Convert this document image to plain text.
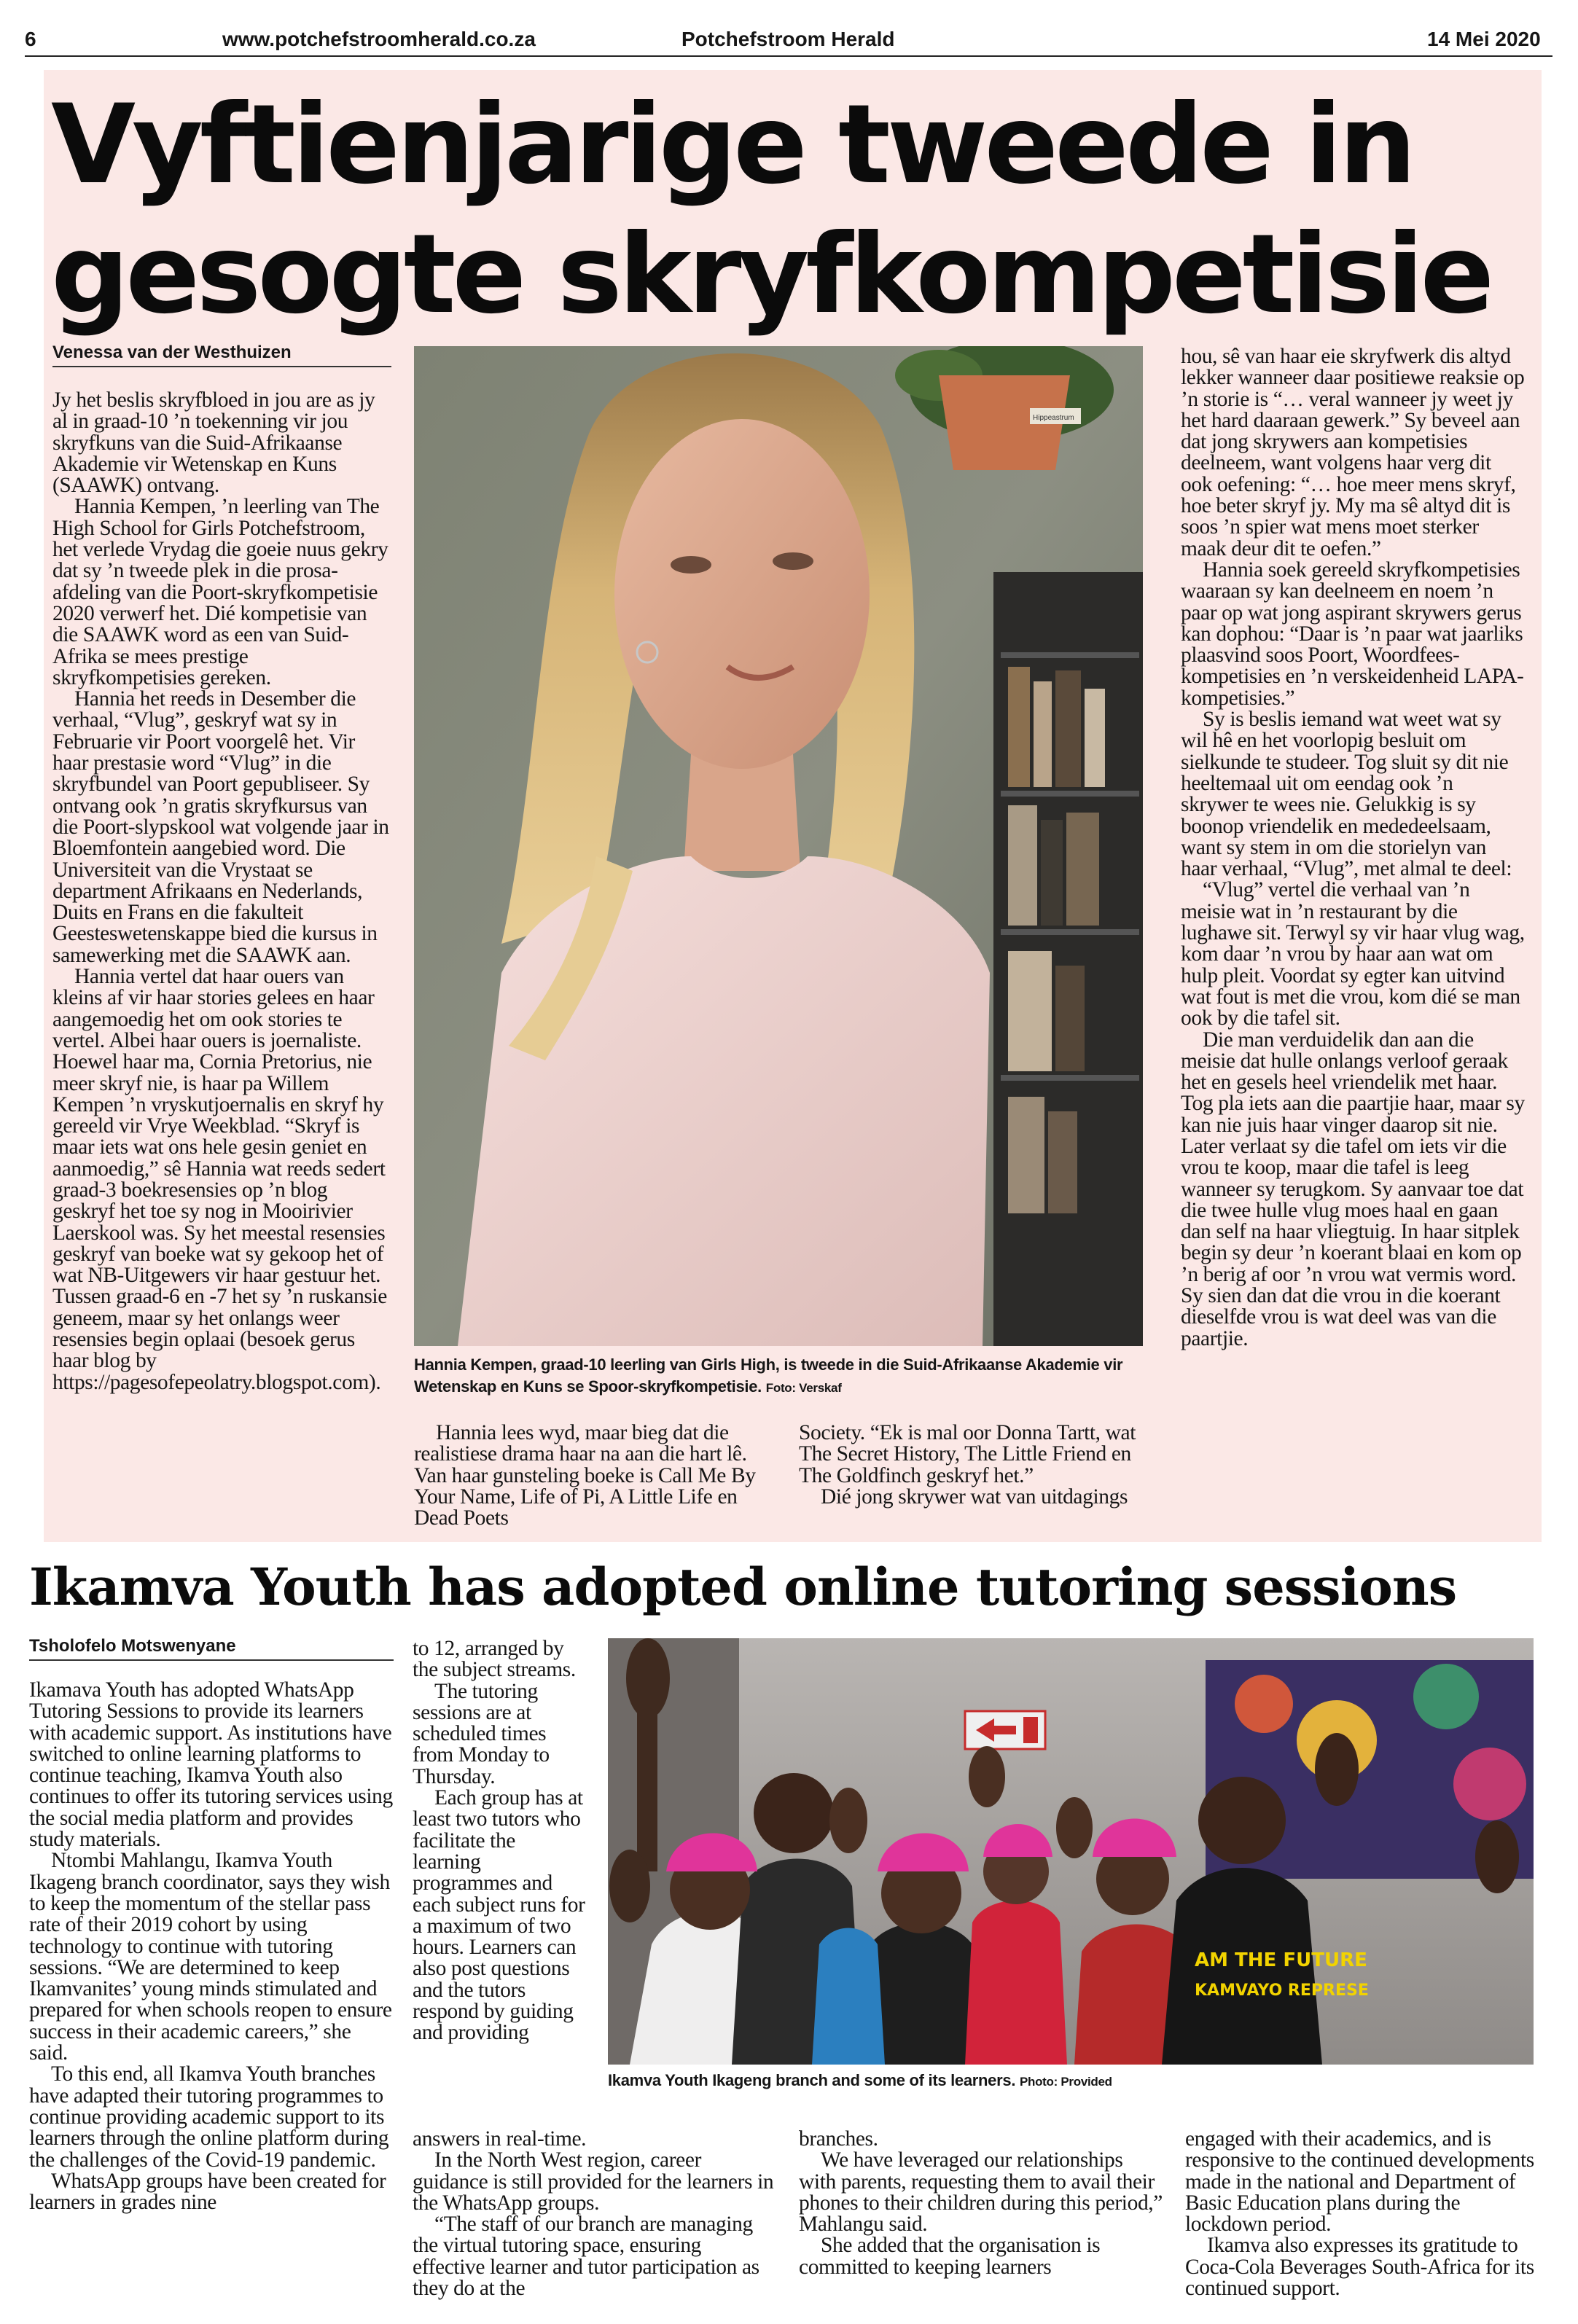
6	www.potchefstroomherald.co.za	Potchefstroom Herald	14 Mei 2020
Vyftienjarige tweede in
gesogte skryfkompetisie
Venessa van der Westhuizen

Jy het beslis skryfbloed in jou are as jy al in graad-10 ’n toekenning vir jou skryfkuns van die Suid-Afrikaanse Akademie vir Wetenskap en Kuns (SAAWK) ontvang.

Hannia Kempen, ’n leerling van The High School for Girls Potchefstroom, het verlede Vrydag die goeie nuus gekry dat sy ’n tweede plek in die prosa-afdeling van die Poort-skryfkompetisie 2020 verwerf het. Dié kompetisie van die SAAWK word as een van Suid-Afrika se mees prestige skryfkompetisies gereken.

Hannia het reeds in Desember die verhaal, “Vlug”, geskryf wat sy in Februarie vir Poort voorgelê het. Vir haar prestasie word “Vlug” in die skryfbundel van Poort gepubliseer. Sy ontvang ook ’n gratis skryfkursus van die Poort-slypskool wat volgende jaar in Bloemfontein aangebied word. Die Universiteit van die Vrystaat se department Afrikaans en Nederlands, Duits en Frans en die fakulteit Geesteswetenskappe bied die kursus in samewerking met die SAAWK aan.

Hannia vertel dat haar ouers van kleins af vir haar stories gelees en haar aangemoedig het om ook stories te vertel. Albei haar ouers is joernaliste. Hoewel haar ma, Cornia Pretorius, nie meer skryf nie, is haar pa Willem Kempen ’n vryskutjoernalis en skryf hy gereeld vir Vrye Weekblad. “Skryf is maar iets wat ons hele gesin geniet en aanmoedig,” sê Hannia wat reeds sedert graad-3 boekresensies op ’n blog geskryf het toe sy nog in Mooirivier Laerskool was. Sy het meestal resensies geskryf van boeke wat sy gekoop het of wat NB-Uitgewers vir haar gestuur het. Tussen graad-6 en -7 het sy ’n ruskansie geneem, maar sy het onlangs weer resensies begin oplaai (besoek gerus haar blog by https://pagesofepeolatry.blogspot.com).

Hippeastrum
Hannia Kempen, graad-10 leerling van Girls High, is tweede in die Suid-Afrikaanse Akademie vir Wetenskap en Kuns se Spoor-skryfkompetisie. Foto: Verskaf

Hannia lees wyd, maar bieg dat die realistiese drama haar na aan die hart lê. Van haar gunsteling boeke is Call Me By Your Name, Life of Pi, A Little Life en Dead Poets

Society. “Ek is mal oor Donna Tartt, wat The Secret History, The Little Friend en The Goldfinch geskryf het.”

Dié jong skrywer wat van uitdagings

hou, sê van haar eie skryfwerk dis altyd lekker wanneer daar positiewe reaksie op ’n storie is “… veral wanneer jy weet jy het hard daaraan gewerk.” Sy beveel aan dat jong skrywers aan kompetisies deelneem, want volgens haar verg dit ook oefening: “… hoe meer mens skryf, hoe beter skryf jy. My ma sê altyd dit is soos ’n spier wat mens moet sterker maak deur dit te oefen.”

Hannia soek gereeld skryfkompetisies waaraan sy kan deelneem en noem ’n paar op wat jong aspirant skrywers gerus kan dophou: “Daar is ’n paar wat jaarliks plaasvind soos Poort, Woordfees-kompetisies en ’n verskeidenheid LAPA-kompetisies.”

Sy is beslis iemand wat weet wat sy wil hê en het voorlopig besluit om sielkunde te studeer. Tog sluit sy dit nie heeltemaal uit om eendag ook ’n skrywer te wees nie. Gelukkig is sy boonop vriendelik en mededeelsaam, want sy stem in om die storielyn van haar verhaal, “Vlug”, met almal te deel:

“Vlug” vertel die verhaal van ’n meisie wat in ’n restaurant by die lughawe sit. Terwyl sy vir haar vlug wag, kom daar ’n vrou by haar aan wat om hulp pleit. Voordat sy egter kan uitvind wat fout is met die vrou, kom dié se man ook by die tafel sit.

Die man verduidelik dan aan die meisie dat hulle onlangs verloof geraak het en gesels heel vriendelik met haar. Tog pla iets aan die paartjie haar, maar sy kan nie juis haar vinger daarop sit nie. Later verlaat sy die tafel om iets vir die vrou te koop, maar die tafel is leeg wanneer sy terugkom. Sy aanvaar toe dat die twee hulle vlug moes haal en gaan dan self na haar vliegtuig. In haar sitplek begin sy deur ’n koerant blaai en kom op ’n berig af oor ’n vrou wat vermis word. Sy sien dan dat die vrou in die koerant dieselfde vrou is wat deel was van die paartjie.

Ikamva Youth has adopted online tutoring sessions
Tsholofelo Motswenyane

Ikamava Youth has adopted WhatsApp Tutoring Sessions to provide its learners with academic support. As institutions have switched to online learning platforms to continue teaching, Ikamva Youth also continues to offer its tutoring services using the social media platform and provides study materials.

Ntombi Mahlangu, Ikamva Youth Ikageng branch coordinator, says they wish to keep the momentum of the stellar pass rate of their 2019 cohort by using technology to continue with tutoring sessions. “We are determined to keep Ikamvanites’ young minds stimulated and prepared for when schools reopen to ensure success in their academic careers,” she said.

To this end, all Ikamva Youth branches have adapted their tutoring programmes to continue providing academic support to its learners through the online platform during the challenges of the Covid-19 pandemic.

WhatsApp groups have been created for learners in grades nine

to 12, arranged by the subject streams.

The tutoring sessions are at scheduled times from Monday to Thursday.

Each group has at least two tutors who facilitate the learning programmes and each subject runs for a maximum of two hours. Learners can also post questions and the tutors respond by guiding and providing

AM THE FUTURE
KAMVAYO REPRESE
Ikamva Youth Ikageng branch and some of its learners. Photo: Provided

answers in real-time.

In the North West region, career guidance is still provided for the learners in the WhatsApp groups.

“The staff of our branch are managing the virtual tutoring space, ensuring effective learner and tutor participation as they do at the

branches.

We have leveraged our relationships with parents, requesting them to avail their phones to their children during this period,” Mahlangu said.

She added that the organisation is committed to keeping learners

engaged with their academics, and is responsive to the continued developments made in the national and Department of Basic Education plans during the lockdown period.

Ikamva also expresses its gratitude to Coca-Cola Beverages South-Africa for its continued support.
